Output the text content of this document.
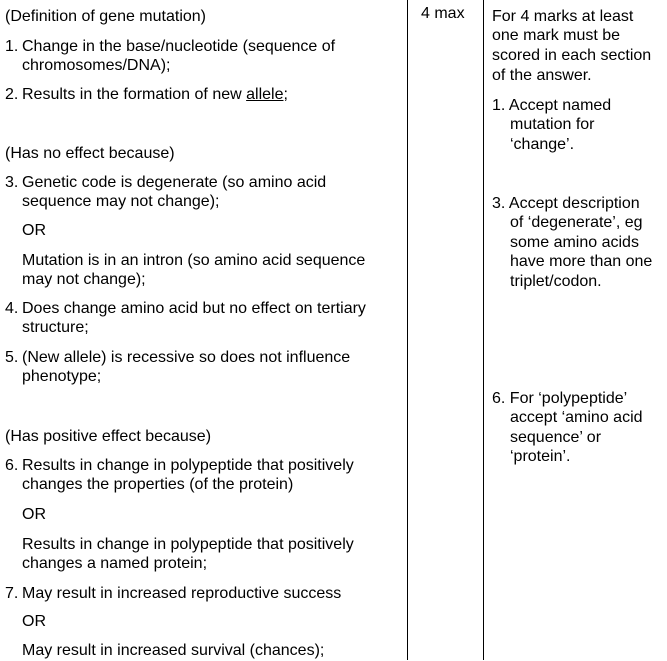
(Definition of gene mutation)
1. Change in the base/nucleotide (sequence of
chromosomes/DNA);
2. Results in the formation of new allele;
(Has no effect because)
3. Genetic code is degenerate (so amino acid
sequence may not change);
OR
Mutation is in an intron (so amino acid sequence
may not change);
4. Does change amino acid but no effect on tertiary
structure;
5. (New allele) is recessive so does not influence
phenotype;
(Has positive effect because)
6. Results in change in polypeptide that positively
changes the properties (of the protein)
OR
Results in change in polypeptide that positively
changes a named protein;
7. May result in increased reproductive success
OR
May result in increased survival (chances);
4 max For 4 marks at least
one mark must be
scored in each section
of the answer.
1. Accept named
mutation for
‘change’.
3. Accept description
of ‘degenerate’, eg
some amino acids
have more than one
triplet/codon.
6. For ‘polypeptide’
accept ‘amino acid
sequence’ or
‘protein’.
